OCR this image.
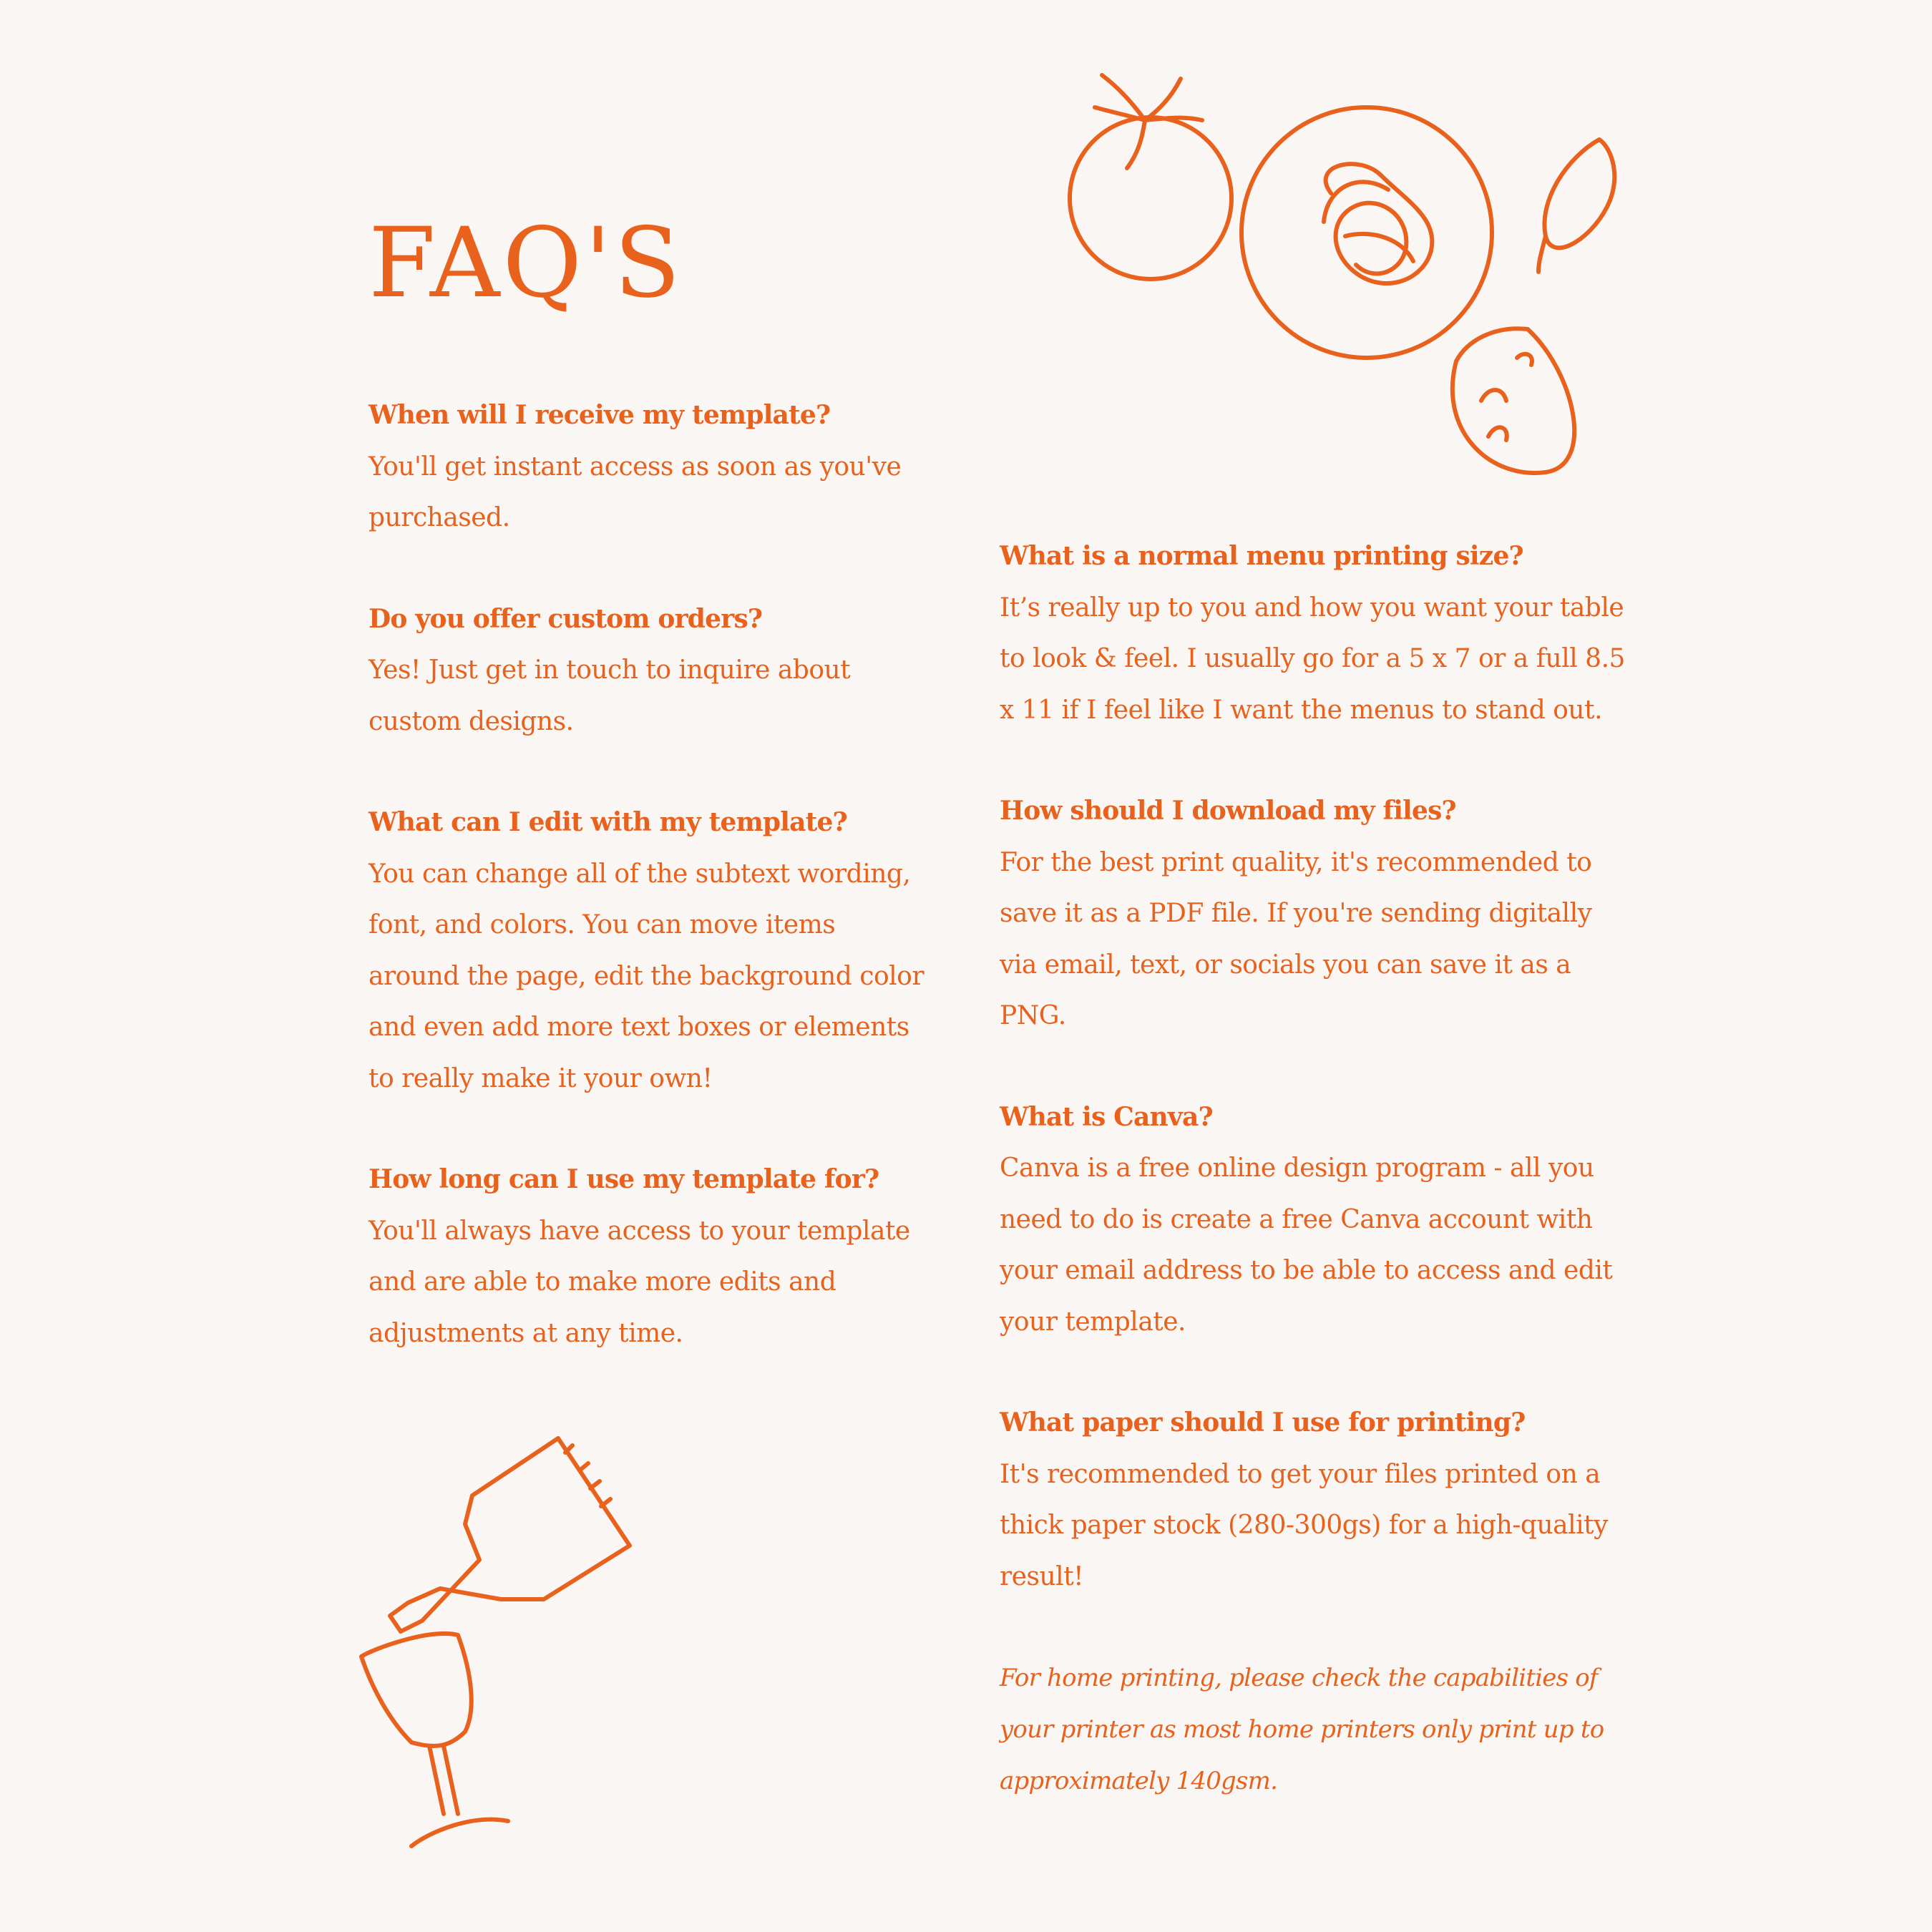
FAQ'S

When will I receive my template?

You'll get instant access as soon as you've purchased.

Do you offer custom orders?

Yes! Just get in touch to inquire about custom designs.

What can I edit with my template?

You can change all of the subtext wording, font, and colors. You can move items around the page, edit the background color and even add more text boxes or elements to really make it your own!

How long can I use my template for?

You'll always have access to your template and are able to make more edits and adjustments at any time.

What is a normal menu printing size?

It’s really up to you and how you want your table to look & feel. I usually go for a 5 x 7 or a full 8.5 x 11 if I feel like I want the menus to stand out.

How should I download my files?

For the best print quality, it's recommended to save it as a PDF file. If you're sending digitally via email, text, or socials you can save it as a PNG.

What is Canva?

Canva is a free online design program - all you need to do is create a free Canva account with your email address to be able to access and edit your template.

What paper should I use for printing?

It's recommended to get your files printed on a thick paper stock (280-300gs) for a high-quality result!

For home printing, please check the capabilities of your printer as most home printers only print up to approximately 140gsm.
